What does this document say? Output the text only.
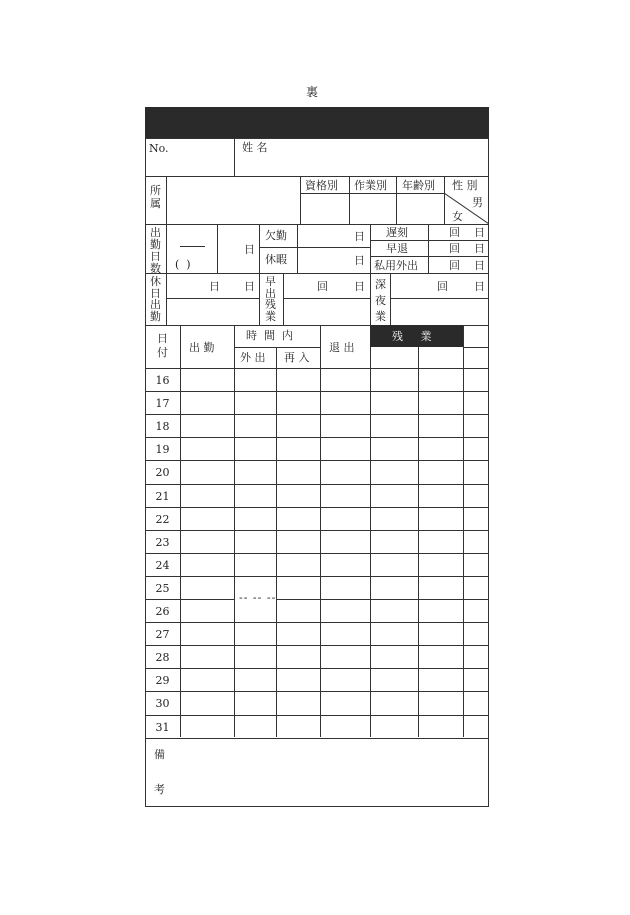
裏
残     業
No.	姓 名
所
属
資格別 作業別 年齢別 性 別
男
女
出
勤
日
数 (  )
日
欠勤
休暇
日
日
遅刻
早退
私用外出
回 日
回 日
回 日
休
日
出
勤
日 日 早
出
残
業
回 日 深
夜
業
回 日
日
付 出 勤
時  間  内
外 出 再 入
退 出
16
17
18
19
20
21
22
23
24
25
26
27
28
29
30
31
-- -- --
備
考
